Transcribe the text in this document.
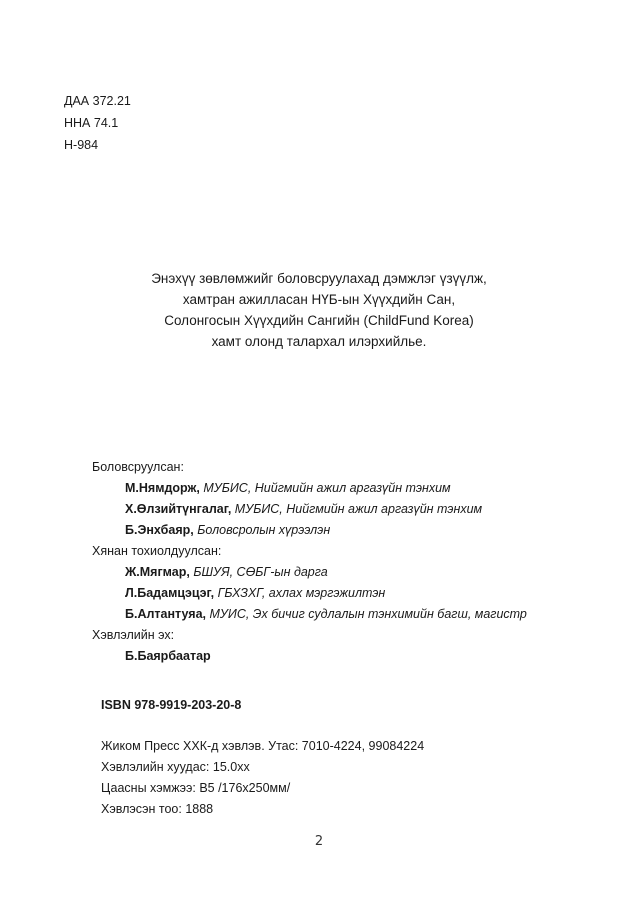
ДАА 372.21
ННА 74.1
Н-984
Энэхүү зөвлөмжийг боловсруулахад дэмжлэг үзүүлж,
хамтран ажилласан НҮБ-ын Хүүхдийн Сан,
Солонгосын Хүүхдийн Сангийн (ChildFund Korea)
хамт олонд талархал илэрхийлье.
Боловсруулсан:
М.Нямдорж, МУБИС, Нийгмийн ажил аргазүйн тэнхим
Х.Өлзийтүнгалаг, МУБИС, Нийгмийн ажил аргазүйн тэнхим
Б.Энхбаяр, Боловсролын хүрээлэн
Хянан тохиолдуулсан:
Ж.Мягмар, БШУЯ, СӨБГ-ын дарга
Л.Бадамцэцэг, ГБХЗХГ, ахлах мэргэжилтэн
Б.Алтантуяа, МУИС, Эх бичиг судлалын тэнхимийн багш, магистр
Хэвлэлийн эх:
Б.Баярбаатар
ISBN 978-9919-203-20-8
Жиком Пресс ХХК-д хэвлэв. Утас: 7010-4224, 99084224
Хэвлэлийн хуудас: 15.0хх
Цаасны хэмжээ: B5 /176x250мм/
Хэвлэсэн тоо: 1888
2
